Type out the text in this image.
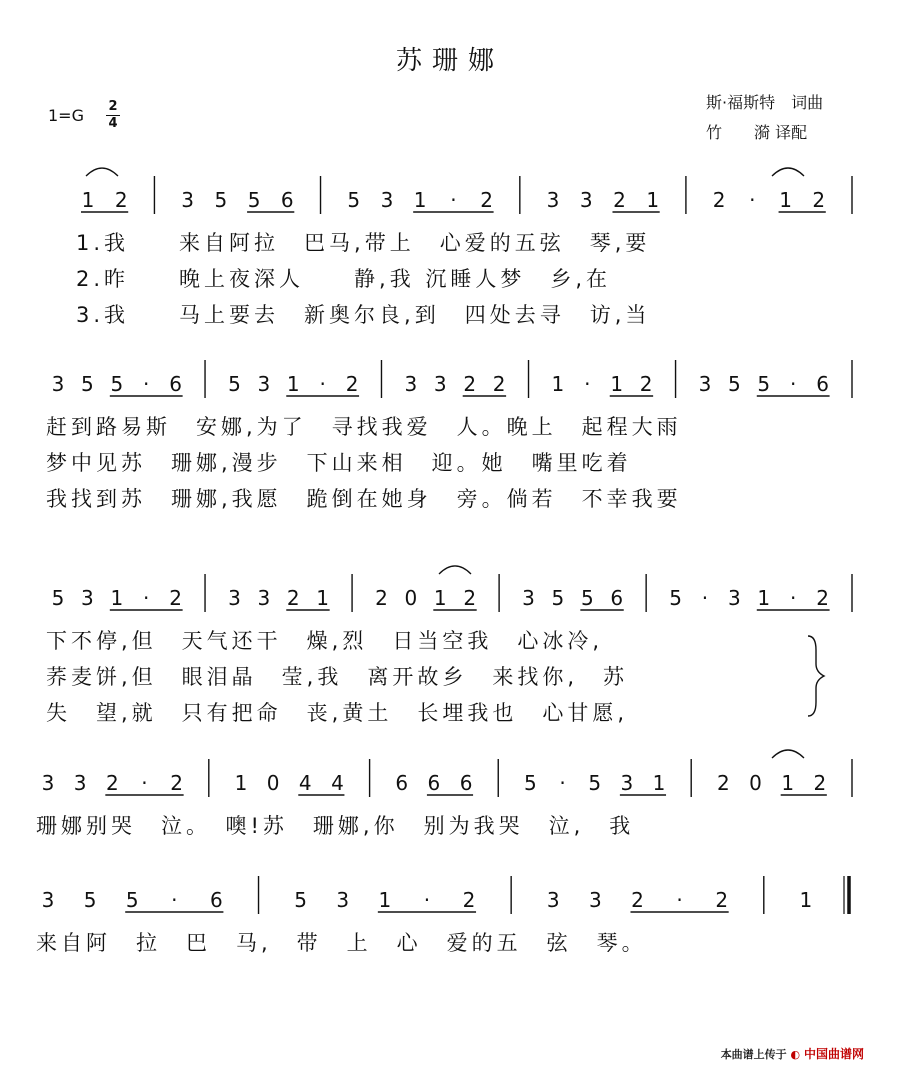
苏珊娜
1=G 2
4
斯·福斯特　词曲
竹　　漪 译配
1 2	3 5 5 6	5 3 1 · 2	3 3 2 1	2 · 1 2
1.我　　来自阿拉　巴马,带上　心爱的五弦　琴,要
2.昨　　晚上夜深人　　静,我 沉睡人梦　乡,在
3.我　　马上要去　新奥尔良,到　四处去寻　访,当
3 5 5 · 6 5 3 1 · 2 3 3 2 2 1 · 1 2 3 5 5 · 6
赶到路易斯　安娜,为了　寻找我爱　人。晚上　起程大雨
梦中见苏　珊娜,漫步　下山来相　迎。她　嘴里吃着
我找到苏　珊娜,我愿　跪倒在她身　旁。倘若　不幸我要
5 3 1 · 2 3 3 2 1 2 0 1 2 3 5 5 6 5 · 3 1 · 2
下不停,但　天气还干　燥,烈　日当空我　心冰冷,
荞麦饼,但　眼泪晶　莹,我　离开故乡　来找你,　苏
失　望,就　只有把命　丧,黄土　长埋我也　心甘愿,
3 3 2 · 2	1 0 4 4	6 6 6	5 · 5 3 1	2 0 1 2
珊娜别哭　泣。　噢!苏　珊娜,你　别为我哭　泣,　我
3 5 5 · 6	5 3 1 · 2	3 3 2 · 2	1
来自阿　拉　巴　马,　带　上　心　爱的五　弦　琴。
本曲谱上传于 ◐ 中国曲谱网
